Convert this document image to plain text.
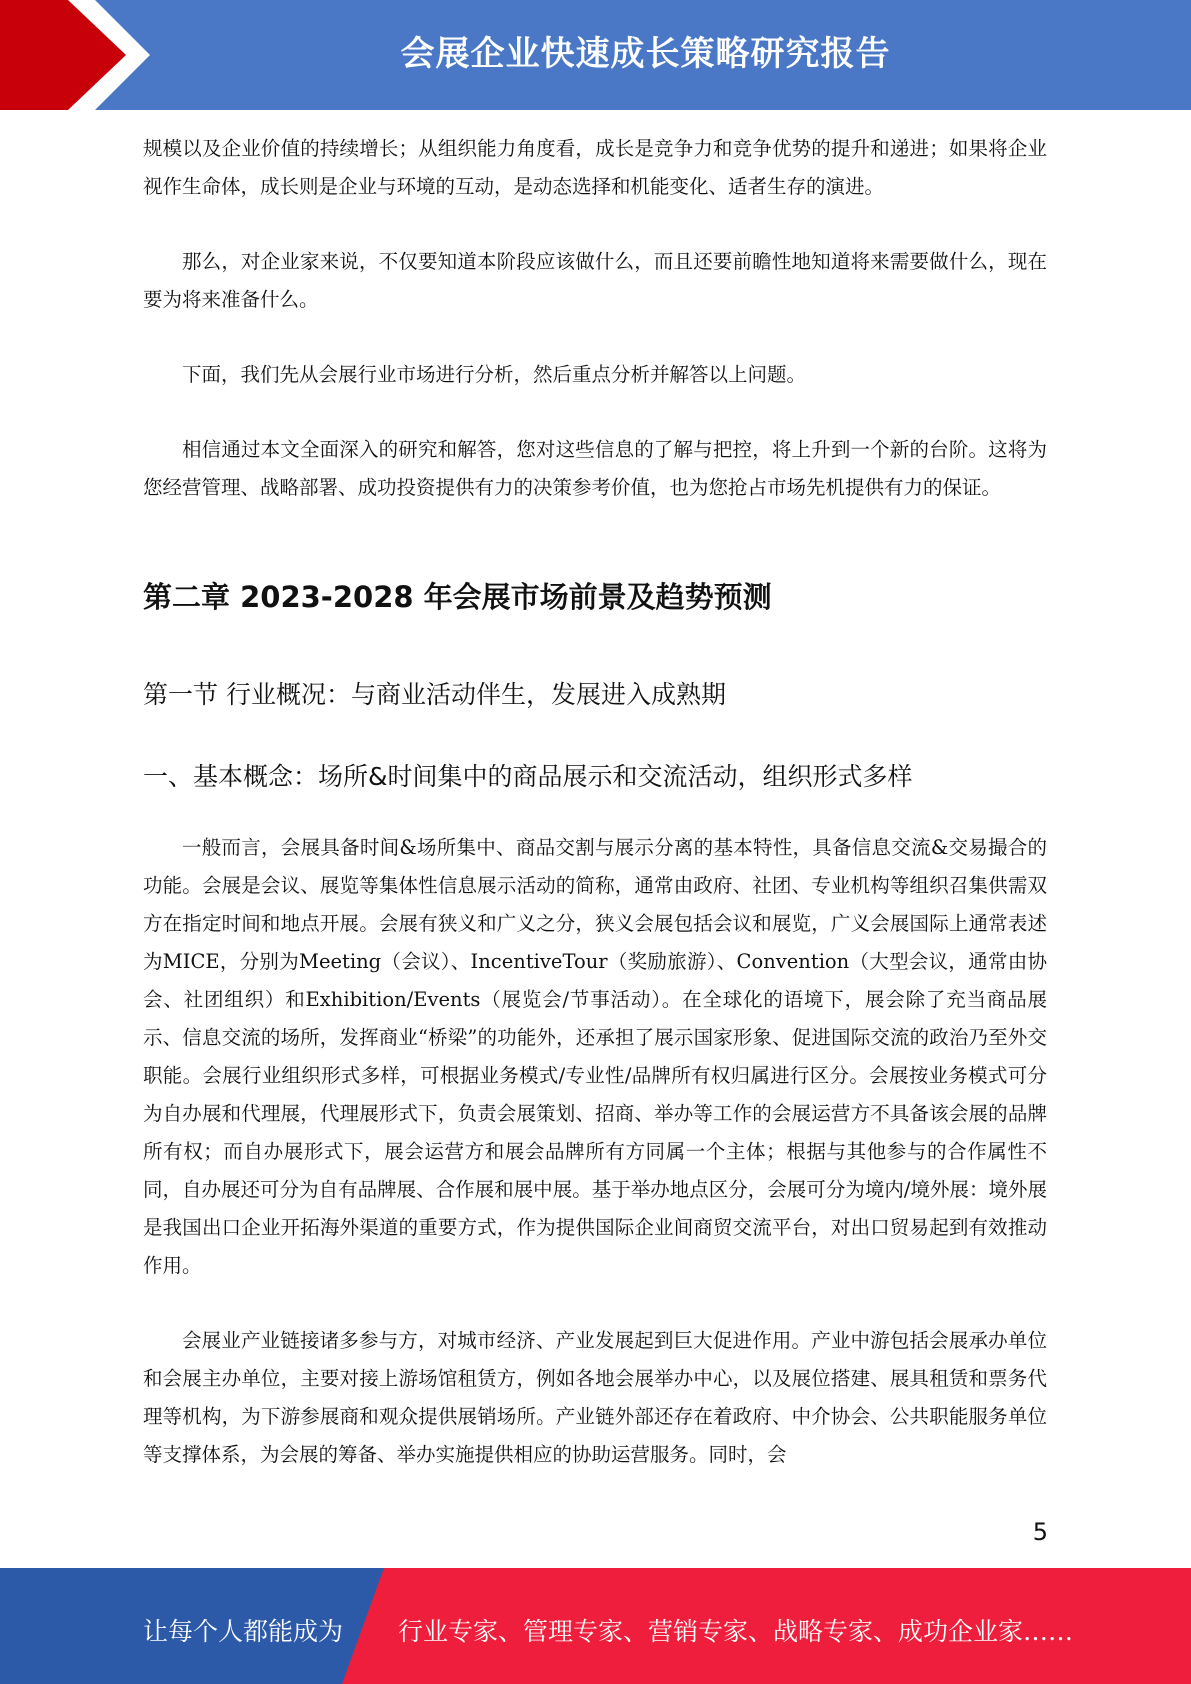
会展企业快速成长策略研究报告

规模以及企业价值的持续增长；从组织能力角度看，成长是竞争力和竞争优势的提升和递进；如果将企业视作生命体，成长则是企业与环境的互动，是动态选择和机能变化、适者生存的演进。

那么，对企业家来说，不仅要知道本阶段应该做什么，而且还要前瞻性地知道将来需要做什么，现在要为将来准备什么。

下面，我们先从会展行业市场进行分析，然后重点分析并解答以上问题。

相信通过本文全面深入的研究和解答，您对这些信息的了解与把控，将上升到一个新的台阶。这将为您经营管理、战略部署、成功投资提供有力的决策参考价值，也为您抢占市场先机提供有力的保证。

第二章 2023-2028 年会展市场前景及趋势预测
第一节 行业概况：与商业活动伴生，发展进入成熟期
一、基本概念：场所&时间集中的商品展示和交流活动，组织形式多样

一般而言，会展具备时间&场所集中、商品交割与展示分离的基本特性，具备信息交流&交易撮合的功能。会展是会议、展览等集体性信息展示活动的简称，通常由政府、社团、专业机构等组织召集供需双方在指定时间和地点开展。会展有狭义和广义之分，狭义会展包括会议和展览，广义会展国际上通常表述为MICE，分别为Meeting（会议）、IncentiveTour（奖励旅游）、Convention（大型会议，通常由协会、社团组织）和Exhibition/Events（展览会/节事活动）。在全球化的语境下，展会除了充当商品展示、信息交流的场所，发挥商业“桥梁”的功能外，还承担了展示国家形象、促进国际交流的政治乃至外交职能。会展行业组织形式多样，可根据业务模式/专业性/品牌所有权归属进行区分。会展按业务模式可分为自办展和代理展，代理展形式下，负责会展策划、招商、举办等工作的会展运营方不具备该会展的品牌所有权；而自办展形式下，展会运营方和展会品牌所有方同属一个主体；根据与其他参与的合作属性不同，自办展还可分为自有品牌展、合作展和展中展。基于举办地点区分，会展可分为境内/境外展：境外展是我国出口企业开拓海外渠道的重要方式，作为提供国际企业间商贸交流平台，对出口贸易起到有效推动作用。

会展业产业链接诸多参与方，对城市经济、产业发展起到巨大促进作用。产业中游包括会展承办单位和会展主办单位，主要对接上游场馆租赁方，例如各地会展举办中心，以及展位搭建、展具租赁和票务代理等机构，为下游参展商和观众提供展销场所。产业链外部还存在着政府、中介协会、公共职能服务单位等支撑体系，为会展的筹备、举办实施提供相应的协助运营服务。同时，会

5
让每个人都能成为 行业专家、管理专家、营销专家、战略专家、成功企业家……
